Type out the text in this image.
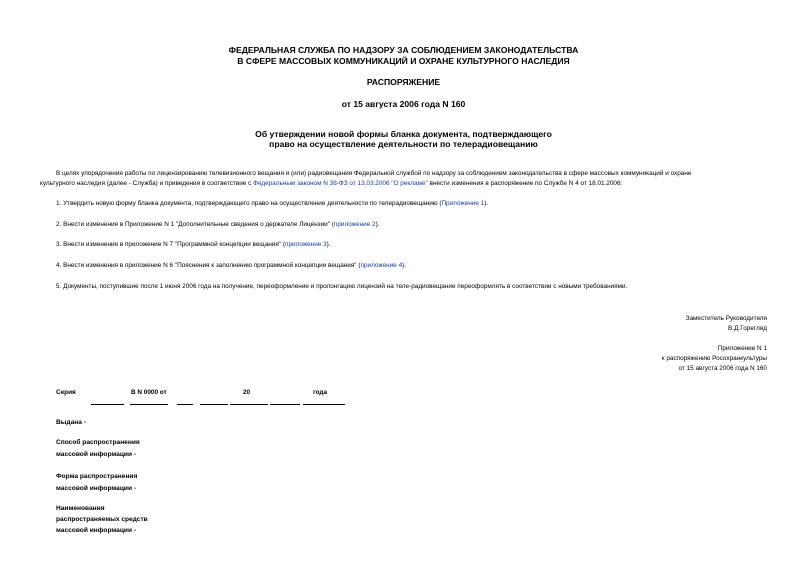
ФЕДЕРАЛЬНАЯ СЛУЖБА ПО НАДЗОРУ ЗА СОБЛЮДЕНИЕМ ЗАКОНОДАТЕЛЬСТВА
В СФЕРЕ МАССОВЫХ КОММУНИКАЦИЙ И ОХРАНЕ КУЛЬТУРНОГО НАСЛЕДИЯ
РАСПОРЯЖЕНИЕ
от 15 августа 2006 года N 160
Об утверждении новой формы бланка документа, подтверждающего
право на осуществление деятельности по телерадиовещанию
В целях упорядочения работы по лицензированию телевизионного вещания и (или) радиовещания Федеральной службой по надзору за соблюдением законодательства в сфере массовых коммуникаций и охране
культурного наследия (далее - Служба) и приведения в соответствие с Федеральным законом N 38-ФЗ от 13.03.2006 "О рекламе" внести изменения в распоряжение по Службе N 4 от 18.01.2006:
1. Утвердить новую форму бланка документа, подтверждающего право на осуществление деятельности по телерадиовещанию (Приложение 1).
2. Внести изменения в Приложение N 1 "Дополнительные сведения о держателе Лицензии" (приложение 2).
3. Внести изменения в приложение N 7 "Программной концепции вещания" (приложение 3).
4. Внести изменения в приложение N 6 "Пояснения к заполнению программной концепции вещания" (приложение 4).
5. Документы, поступившие после 1 июня 2006 года на получение, переоформление и пролонгацию лицензий на теле-радиовещание переоформлять в соответствии с новыми требованиями.
Заместитель Руководителя
В.Д.Горегляд
Приложение N 1
к распоряжению Росохранкультуры
от 15 августа 2006 года N 160
Серия	В N 0000 от	20	года
Выдана -
Способ распространения
массовой информации -
Форма распространения
массовой информации -
Наименования
распространяемых средств
массовой информации -
